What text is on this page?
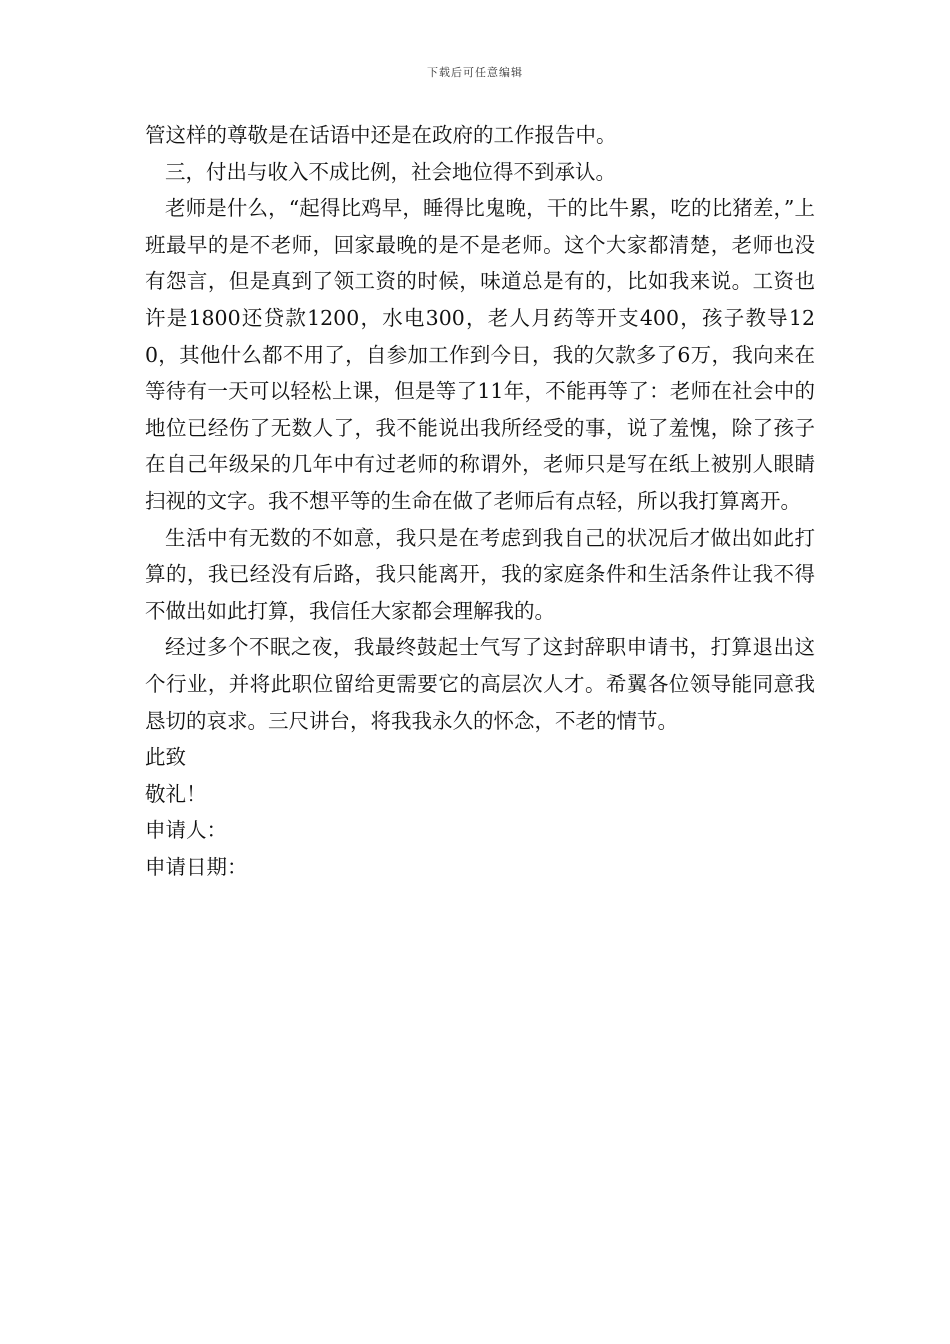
下载后可任意编辑

管这样的尊敬是在话语中还是在政府的工作报告中。

三，付出与收入不成比例，社会地位得不到承认。

老师是什么，“起得比鸡早，睡得比鬼晚，干的比牛累，吃的比猪差，”上班最早的是不老师，回家最晚的是不是老师。这个大家都清楚，老师也没有怨言，但是真到了领工资的时候，味道总是有的，比如我来说。工资也许是1800还贷款1200，水电300，老人月药等开支400，孩子教导120，其他什么都不用了，自参加工作到今日，我的欠款多了6万，我向来在等待有一天可以轻松上课，但是等了11年，不能再等了：老师在社会中的地位已经伤了无数人了，我不能说出我所经受的事，说了羞愧，除了孩子在自己年级呆的几年中有过老师的称谓外，老师只是写在纸上被别人眼睛扫视的文字。我不想平等的生命在做了老师后有点轻，所以我打算离开。

生活中有无数的不如意，我只是在考虑到我自己的状况后才做出如此打算的，我已经没有后路，我只能离开，我的家庭条件和生活条件让我不得不做出如此打算，我信任大家都会理解我的。

经过多个不眠之夜，我最终鼓起士气写了这封辞职申请书，打算退出这个行业，并将此职位留给更需要它的高层次人才。希翼各位领导能同意我恳切的哀求。三尺讲台，将我我永久的怀念，不老的情节。

此致

敬礼！

申请人：

申请日期：
